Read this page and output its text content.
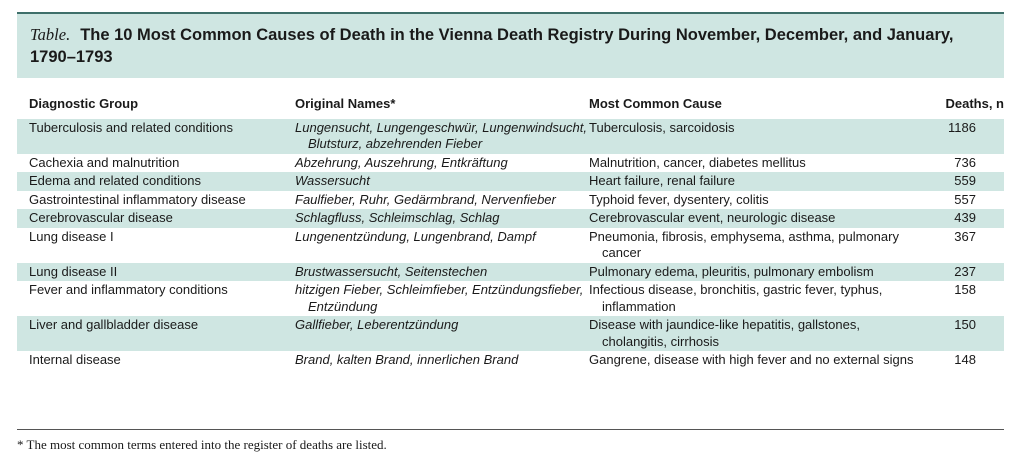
Table. The 10 Most Common Causes of Death in the Vienna Death Registry During November, December, and January, 1790–1793
Diagnostic Group	Original Names*	Most Common Cause	Deaths, n

Tuberculosis and related conditions	Lungensucht, Lungengeschwür, Lungenwindsucht, Blutsturz, abzehrenden Fieber	Tuberculosis, sarcoidosis	1186

Cachexia and malnutrition	Abzehrung, Auszehrung, Entkräftung	Malnutrition, cancer, diabetes mellitus	736

Edema and related conditions	Wassersucht	Heart failure, renal failure	559

Gastrointestinal inflammatory disease	Faulfieber, Ruhr, Gedärmbrand, Nervenfieber	Typhoid fever, dysentery, colitis	557

Cerebrovascular disease	Schlagfluss, Schleimschlag, Schlag	Cerebrovascular event, neurologic disease	439

Lung disease I	Lungenentzündung, Lungenbrand, Dampf	Pneumonia, fibrosis, emphysema, asthma, pulmonary cancer	367

Lung disease II	Brustwassersucht, Seitenstechen	Pulmonary edema, pleuritis, pulmonary embolism	237

Fever and inflammatory conditions	hitzigen Fieber, Schleimfieber, Entzündungsfieber, Entzündung	Infectious disease, bronchitis, gastric fever, typhus, inflammation	158

Liver and gallbladder disease	Gallfieber, Leberentzündung	Disease with jaundice-like hepatitis, gallstones, cholangitis, cirrhosis	150

Internal disease	Brand, kalten Brand, innerlichen Brand	Gangrene, disease with high fever and no external signs	148
* The most common terms entered into the register of deaths are listed.
